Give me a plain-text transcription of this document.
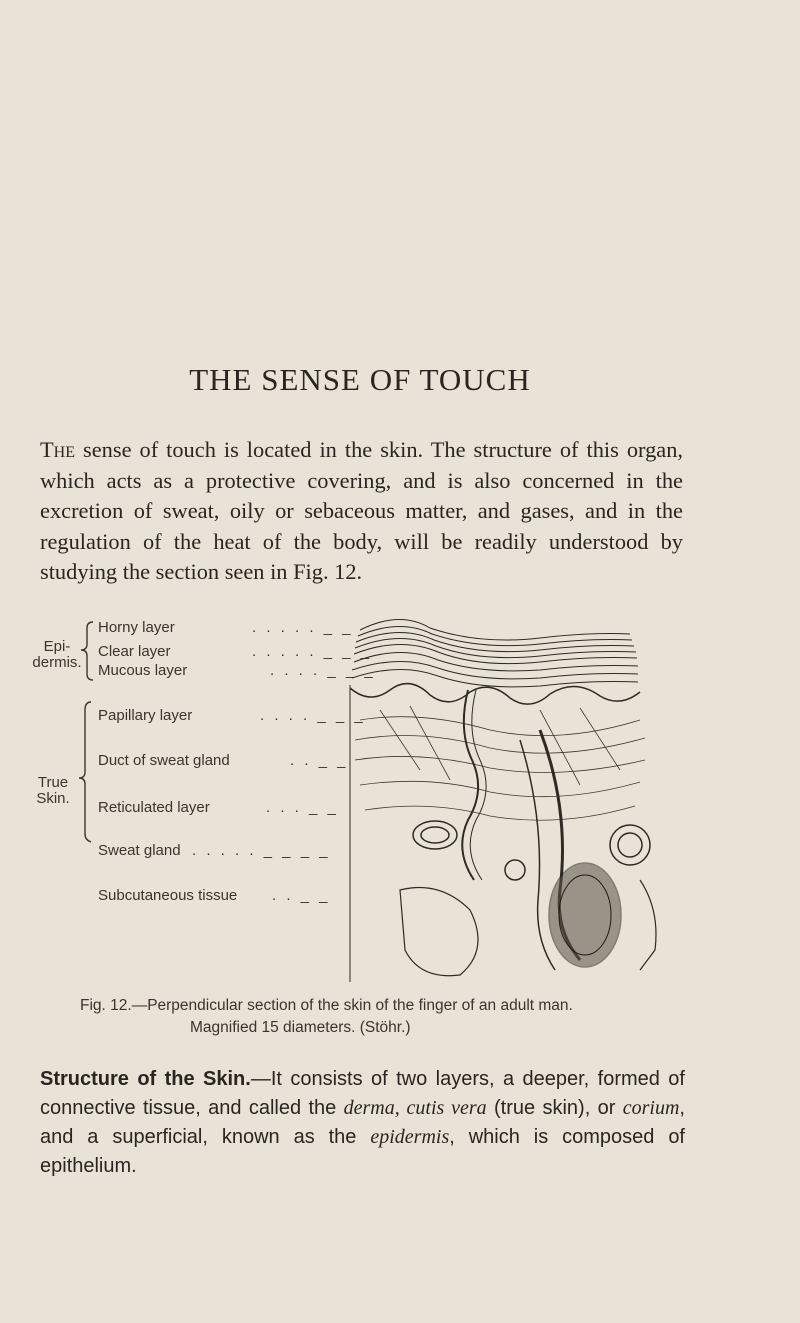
THE SENSE OF TOUCH

The sense of touch is located in the skin. The structure of this organ, which acts as a protective covering, and is also concerned in the excretion of sweat, oily or sebaceous matter, and gases, and in the regulation of the heat of the body, will be readily understood by studying the section seen in Fig. 12.

Epi-
dermis.
True
Skin.
Horny layer	. . . . . _ _
Clear layer	. . . . . _ _ _
Mucous layer	. . . . _ _ _
Papillary layer	. . . . _ _ _
Duct of sweat gland	. . _ _
Reticulated layer	. . . _ _
Sweat gland . . . . . _ _ _ _
Subcutaneous tissue . . _ _
Fig. 12.—Perpendicular section of the skin of the finger of an adult man.
Magnified 15 diameters. (Stöhr.)

Structure of the Skin.—It consists of two layers, a deeper, formed of connective tissue, and called the derma, cutis vera (true skin), or corium, and a superficial, known as the epidermis, which is composed of epithelium.
